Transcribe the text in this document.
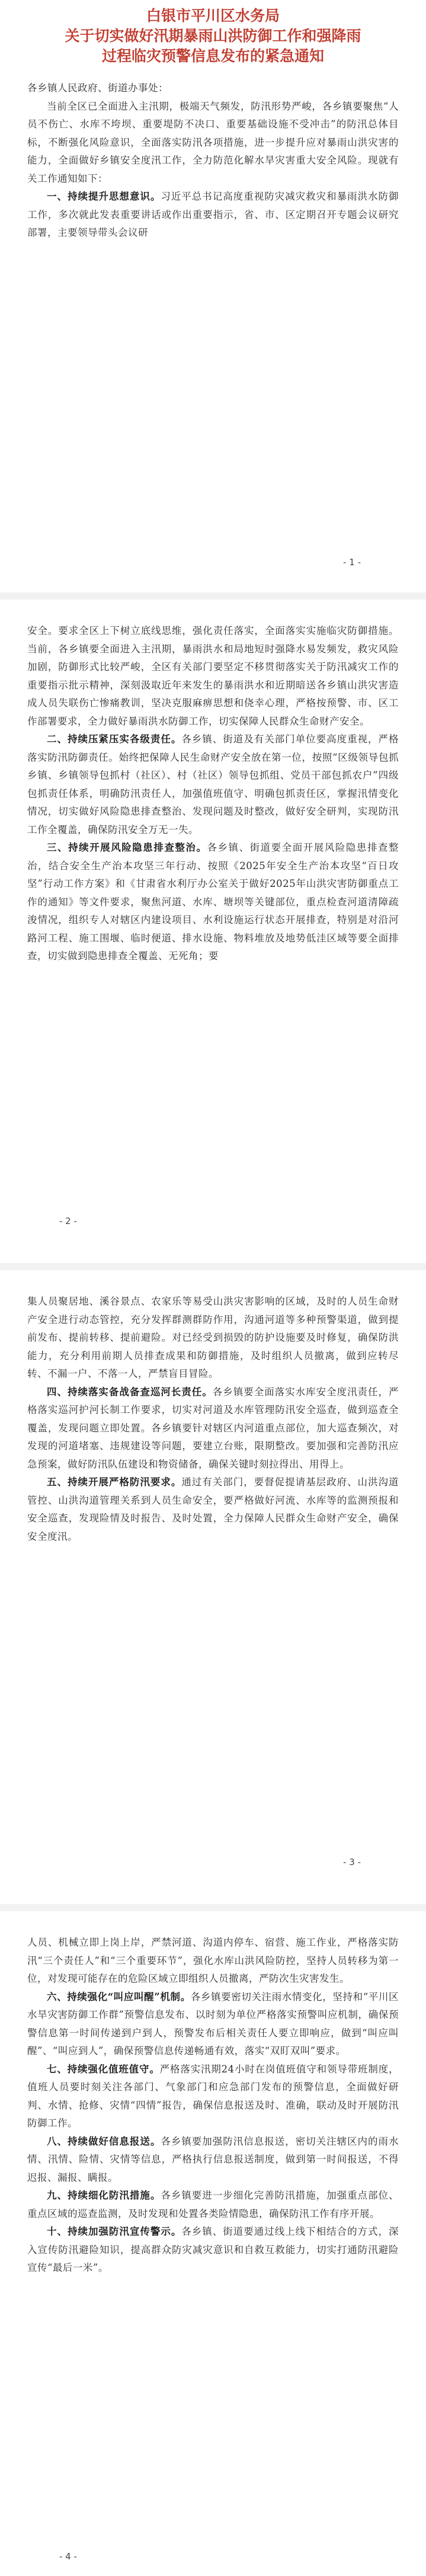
白银市平川区水务局

关于切实做好汛期暴雨山洪防御工作和强降雨

过程临灾预警信息发布的紧急通知

各乡镇人民政府、街道办事处：

当前全区已全面进入主汛期，极端天气频发，防汛形势严峻，各乡镇要聚焦“人员不伤亡、水库不垮坝、重要堤防不决口、重要基础设施不受冲击”的防汛总体目标，不断强化风险意识，全面落实防汛各项措施，进一步提升应对暴雨山洪灾害的能力，全面做好乡镇安全度汛工作，全力防范化解水旱灾害重大安全风险。现就有关工作通知如下：

一、持续提升思想意识。习近平总书记高度重视防灾减灾救灾和暴雨洪水防御工作，多次就此发表重要讲话或作出重要指示，省、市、区定期召开专题会议研究部署，主要领导带头会议研

- 1 -

安全。要求全区上下树立底线思维，强化责任落实，全面落实实施临灾防御措施。当前，各乡镇要全面进入主汛期，暴雨洪水和局地短时强降水易发频发，救灾风险加剧，防御形式比较严峻，全区有关部门要坚定不移贯彻落实关于防汛减灾工作的重要指示批示精神，深刻汲取近年来发生的暴雨洪水和近期暗送各乡镇山洪灾害造成人员失联伤亡惨痛教训，坚决克服麻痹思想和侥幸心理，严格按预警、市、区工作部署要求，全力做好暴雨洪水防御工作，切实保障人民群众生命财产安全。

二、持续压紧压实各级责任。各乡镇、街道及有关部门单位要高度重视，严格落实防汛防御责任。始终把保障人民生命财产安全放在第一位，按照“区级领导包抓乡镇、乡镇领导包抓村（社区）、村（社区）领导包抓组、党员干部包抓农户”四级包抓责任体系，明确防汛责任人，加强值班值守、明确包抓责任区，掌握汛情变化情况，切实做好风险隐患排查整治、发现问题及时整改，做好安全研判，实现防汛工作全覆盖，确保防汛安全万无一失。

三、持续开展风险隐患排查整治。各乡镇、街道要全面开展风险隐患排查整治，结合安全生产治本攻坚三年行动、按照《2025年安全生产治本攻坚“百日攻坚”行动工作方案》和《甘肃省水利厅办公室关于做好2025年山洪灾害防御重点工作的通知》等文件要求，聚焦河道、水库、塘坝等关键部位，重点检查河道清障疏浚情况，组织专人对辖区内建设项目、水利设施运行状态开展排查，特别是对沿河路河工程、施工围堰、临时便道、排水设施、物料堆放及地势低洼区域等要全面排查，切实做到隐患排查全覆盖、无死角；要

- 2 -

集人员聚居地、溪谷景点、农家乐等易受山洪灾害影响的区域，及时的人员生命财产安全进行动态管控，充分发挥群测群防作用，沟通河道等多种预警渠道，做到提前发布、提前转移、提前避险。对已经受到损毁的防护设施要及时修复，确保防洪能力，充分利用前期人员排查成果和防御措施，及时组织人员撤离，做到应转尽转、不漏一户、不落一人，严禁盲目冒险。

四、持续落实备战备查巡河长责任。各乡镇要全面落实水库安全度汛责任，严格落实巡河护河长制工作要求，切实对河道及水库管理防汛安全巡查，做到巡查全覆盖，发现问题立即处置。各乡镇要针对辖区内河道重点部位，加大巡查频次，对发现的河道堵塞、违规建设等问题，要建立台账，限期整改。要加强和完善防汛应急预案，做好防汛队伍建设和物资储备，确保关键时刻拉得出、用得上。

五、持续开展严格防汛要求。通过有关部门，要督促提请基层政府、山洪沟道管控、山洪沟道管理关系到人员生命安全，要严格做好河流、水库等的监测预报和安全巡查，发现险情及时报告、及时处置，全力保障人民群众生命财产安全，确保安全度汛。

- 3 -

人员、机械立即上岗上岸，严禁河道、沟道内停车、宿营、施工作业，严格落实防汛“三个责任人”和“三个重要环节”，强化水库山洪风险防控，坚持人员转移为第一位，对发现可能存在的危险区域立即组织人员撤离，严防次生灾害发生。

六、持续强化“叫应叫醒”机制。各乡镇要密切关注雨水情变化，坚持和“平川区水旱灾害防御工作群”预警信息发布、以时刻为单位严格落实预警叫应机制，确保预警信息第一时间传递到户到人，预警发布后相关责任人要立即响应，做到“叫应叫醒”、“叫应到人”，确保预警信息传递畅通有效，落实“双盯双叫”要求。

七、持续强化值班值守。严格落实汛期24小时在岗值班值守和领导带班制度，值班人员要时刻关注各部门、气象部门和应急部门发布的预警信息，全面做好研判、水情、抢修、灾情“四情”报告，确保信息报送及时、准确，联动及时开展防汛防御工作。

八、持续做好信息报送。各乡镇要加强防汛信息报送，密切关注辖区内的雨水情、汛情、险情、灾情等信息，严格执行信息报送制度，做到第一时间报送，不得迟报、漏报、瞒报。

九、持续细化防汛措施。各乡镇要进一步细化完善防汛措施，加强重点部位、重点区域的巡查监测，及时发现和处置各类险情隐患，确保防汛工作有序开展。

十、持续加强防汛宣传警示。各乡镇、街道要通过线上线下相结合的方式，深入宣传防汛避险知识，提高群众防灾减灾意识和自救互救能力，切实打通防汛避险宣传“最后一米”。

- 4 -
